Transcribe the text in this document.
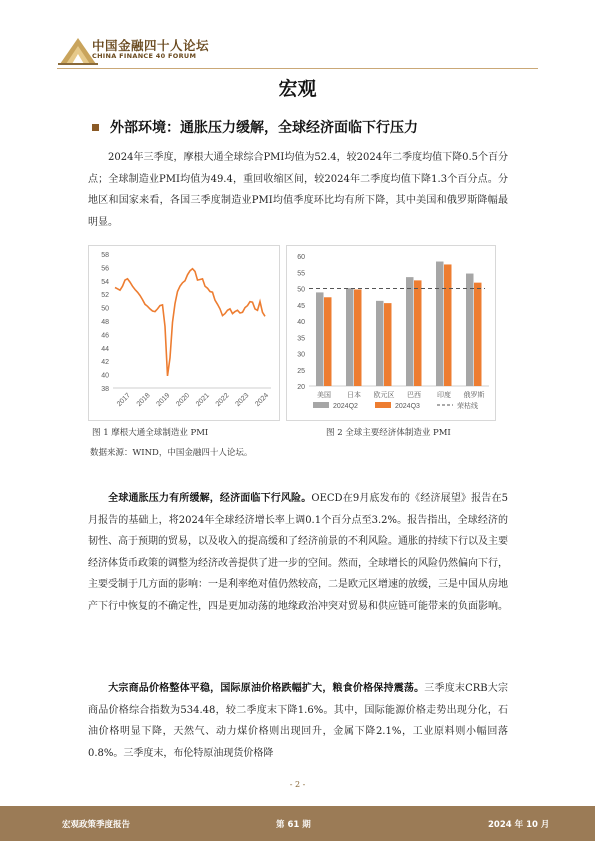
中国金融四十人论坛
CHINA FINANCE 40 FORUM
宏观
外部环境：通胀压力缓解，全球经济面临下行压力
2024年三季度，摩根大通全球综合PMI均值为52.4，较2024年二季度均值下降0.5个百分点；全球制造业PMI均值为49.4，重回收缩区间，较2024年二季度均值下降1.3个百分点。分地区和国家来看，各国三季度制造业PMI均值季度环比均有所下降，其中美国和俄罗斯降幅最明显。
38
40
42
44
46
48
50
52
54
56
58
2017 2018 2019 2020 2021 2022 2023 2024
20
25
30
35
40
45
50
55
60
美国 日本 欧元区 巴西 印度 俄罗斯
2024Q2	2024Q3	荣枯线
图 1 摩根大通全球制造业 PMI	图 2 全球主要经济体制造业 PMI
数据来源：WIND，中国金融四十人论坛。
全球通胀压力有所缓解，经济面临下行风险。OECD在9月底发布的《经济展望》报告在5月报告的基础上，将2024年全球经济增长率上调0.1个百分点至3.2%。报告指出，全球经济的韧性、高于预期的贸易，以及收入的提高缓和了经济前景的不利风险。通胀的持续下行以及主要经济体货币政策的调整为经济改善提供了进一步的空间。然而，全球增长的风险仍然偏向下行，主要受制于几方面的影响：一是利率绝对值仍然较高，二是欧元区增速的放缓，三是中国从房地产下行中恢复的不确定性，四是更加动荡的地缘政治冲突对贸易和供应链可能带来的负面影响。
大宗商品价格整体平稳，国际原油价格跌幅扩大，粮食价格保持震荡。三季度末CRB大宗商品价格综合指数为534.48，较二季度末下降1.6%。其中，国际能源价格走势出现分化，石油价格明显下降，天然气、动力煤价格则出现回升，金属下降2.1%，工业原料则小幅回落0.8%。三季度末，布伦特原油现货价格降
- 2 -
宏观政策季度报告	第 61 期	2024 年 10 月
